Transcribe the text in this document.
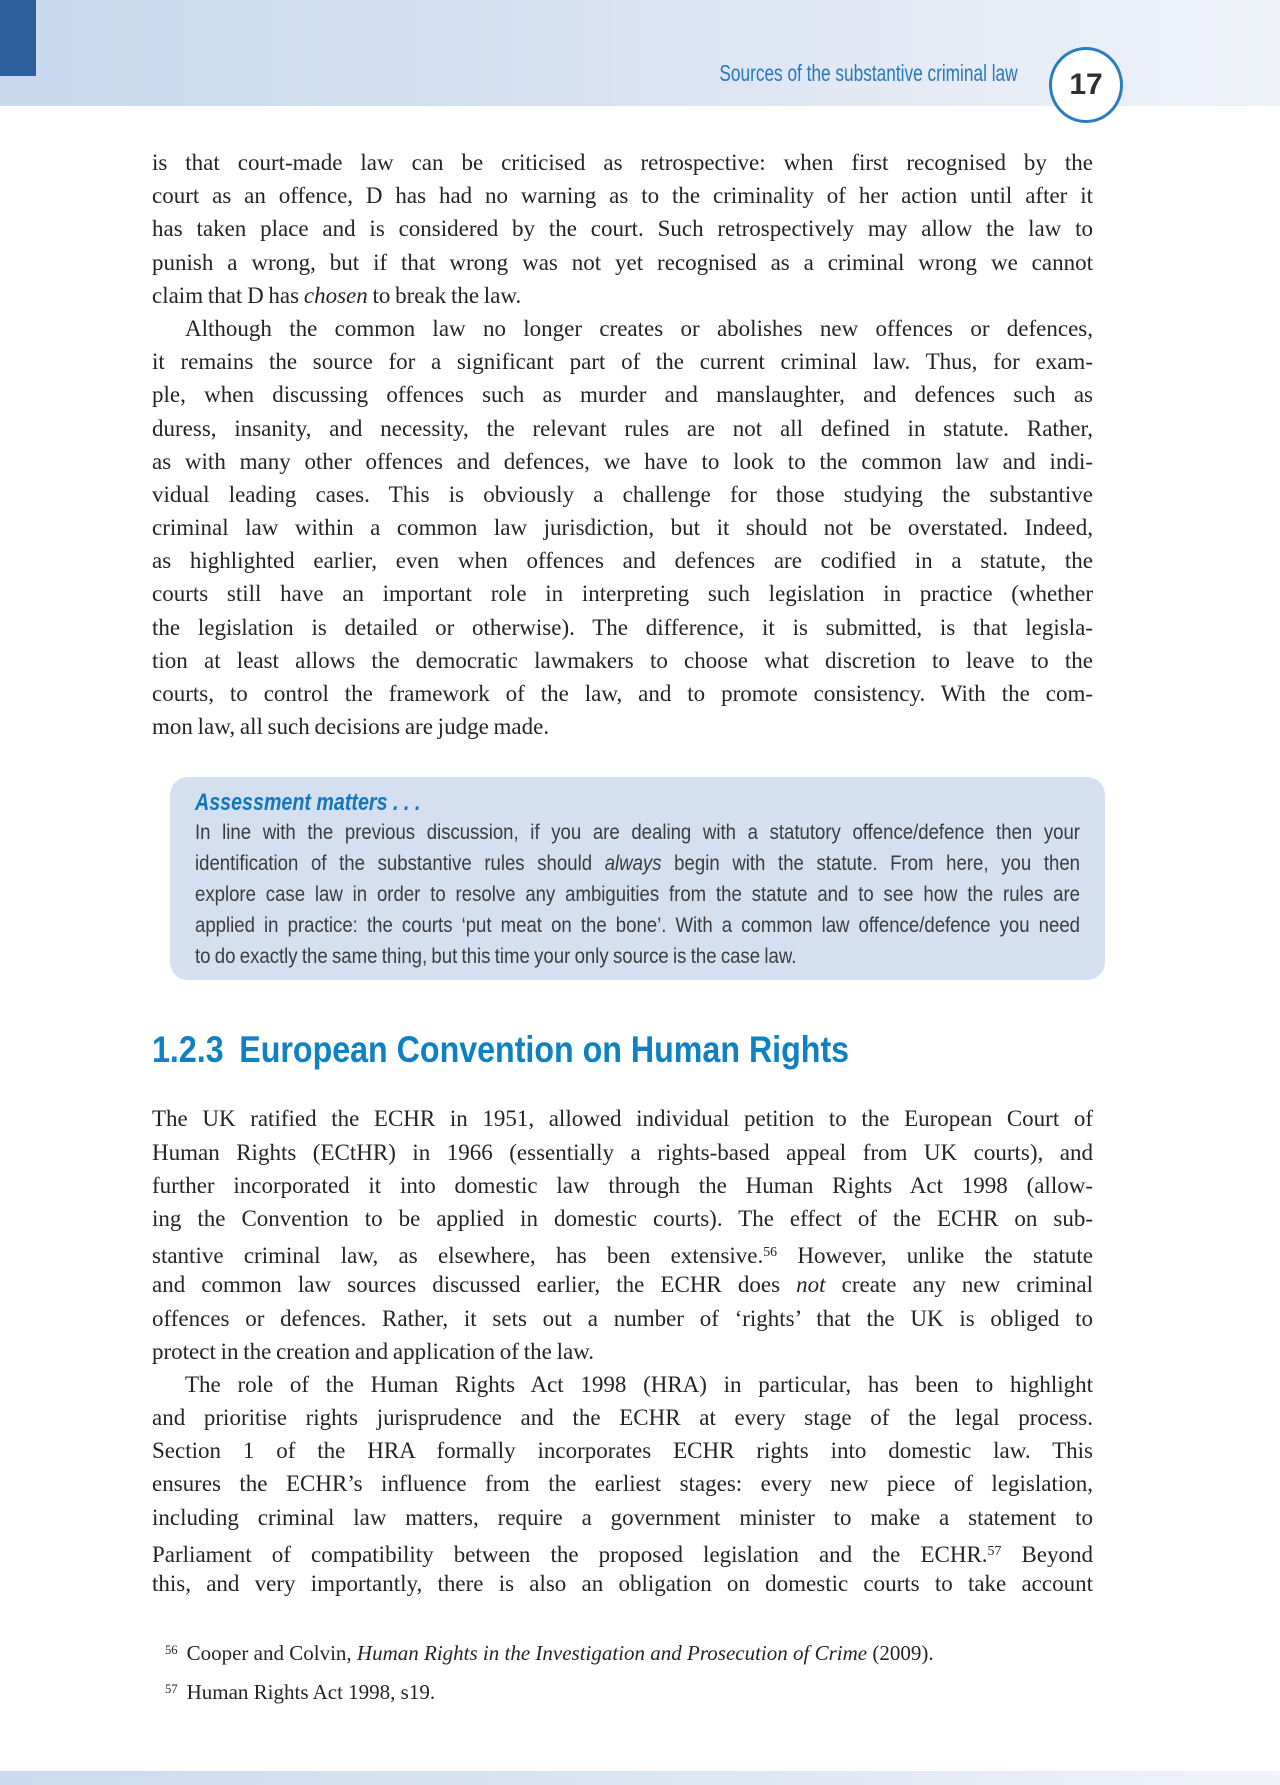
Sources of the substantive criminal law 17
is that court-made law can be criticised as retrospective: when first recognised by the
court as an offence, D has had no warning as to the criminality of her action until after it
has taken place and is considered by the court. Such retrospectively may allow the law to
punish a wrong, but if that wrong was not yet recognised as a criminal wrong we cannot
claim that D has chosen to break the law.
Although the common law no longer creates or abolishes new offences or defences,
it remains the source for a significant part of the current criminal law. Thus, for exam-
ple, when discussing offences such as murder and manslaughter, and defences such as
duress, insanity, and necessity, the relevant rules are not all defined in statute. Rather,
as with many other offences and defences, we have to look to the common law and indi-
vidual leading cases. This is obviously a challenge for those studying the substantive
criminal law within a common law jurisdiction, but it should not be overstated. Indeed,
as highlighted earlier, even when offences and defences are codified in a statute, the
courts still have an important role in interpreting such legislation in practice (whether
the legislation is detailed or otherwise). The difference, it is submitted, is that legisla-
tion at least allows the democratic lawmakers to choose what discretion to leave to the
courts, to control the framework of the law, and to promote consistency. With the com-
mon law, all such decisions are judge made.
Assessment matters . . .
In line with the previous discussion, if you are dealing with a statutory offence/defence then your
identification of the substantive rules should always begin with the statute. From here, you then
explore case law in order to resolve any ambiguities from the statute and to see how the rules are
applied in practice: the courts ‘put meat on the bone’. With a common law offence/defence you need
to do exactly the same thing, but this time your only source is the case law.
1.2.3 European Convention on Human Rights
The UK ratified the ECHR in 1951, allowed individual petition to the European Court of
Human Rights (ECtHR) in 1966 (essentially a rights-based appeal from UK courts), and
further incorporated it into domestic law through the Human Rights Act 1998 (allow-
ing the Convention to be applied in domestic courts). The effect of the ECHR on sub-
stantive criminal law, as elsewhere, has been extensive.$^{56}$ However, unlike the statute
and common law sources discussed earlier, the ECHR does not create any new criminal
offences or defences. Rather, it sets out a number of ‘rights’ that the UK is obliged to
protect in the creation and application of the law.
The role of the Human Rights Act 1998 (HRA) in particular, has been to highlight
and prioritise rights jurisprudence and the ECHR at every stage of the legal process.
Section 1 of the HRA formally incorporates ECHR rights into domestic law. This
ensures the ECHR’s influence from the earliest stages: every new piece of legislation,
including criminal law matters, require a government minister to make a statement to
Parliament of compatibility between the proposed legislation and the ECHR.$^{57}$ Beyond
this, and very importantly, there is also an obligation on domestic courts to take account
$^{56}$ Cooper and Colvin, Human Rights in the Investigation and Prosecution of Crime (2009).
$^{57}$ Human Rights Act 1998, s19.
